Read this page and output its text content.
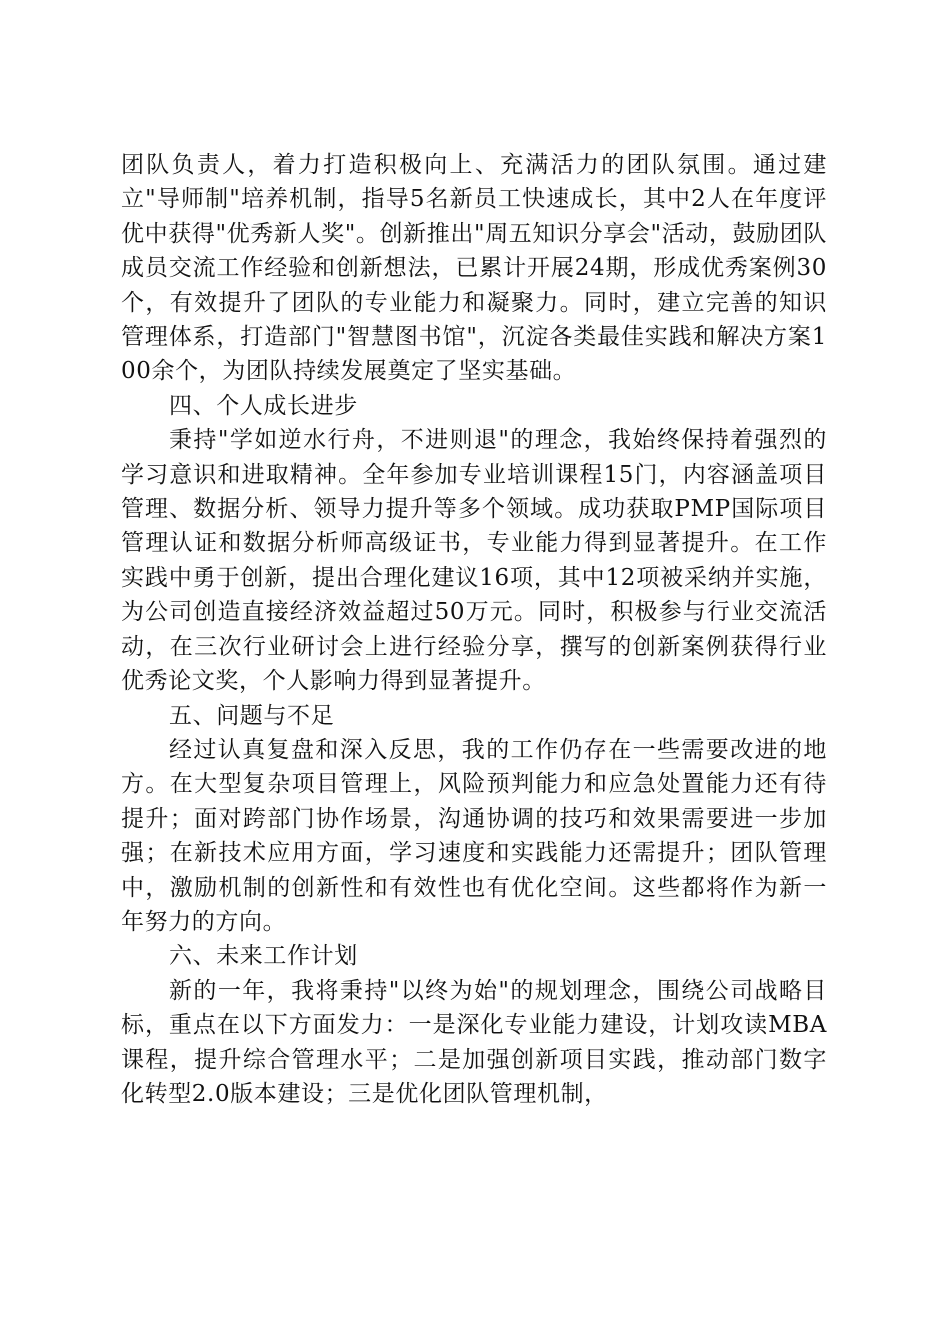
团队负责人，着力打造积极向上、充满活力的团队氛围。通过建立"导师制"培养机制，指导5名新员工快速成长，其中2人在年度评优中获得"优秀新人奖"。创新推出"周五知识分享会"活动，鼓励团队成员交流工作经验和创新想法，已累计开展24期，形成优秀案例30个，有效提升了团队的专业能力和凝聚力。同时，建立完善的知识管理体系，打造部门"智慧图书馆"，沉淀各类最佳实践和解决方案100余个，为团队持续发展奠定了坚实基础。

四、个人成长进步

秉持"学如逆水行舟，不进则退"的理念，我始终保持着强烈的学习意识和进取精神。全年参加专业培训课程15门，内容涵盖项目管理、数据分析、领导力提升等多个领域。成功获取PMP国际项目管理认证和数据分析师高级证书，专业能力得到显著提升。在工作实践中勇于创新，提出合理化建议16项，其中12项被采纳并实施，为公司创造直接经济效益超过50万元。同时，积极参与行业交流活动，在三次行业研讨会上进行经验分享，撰写的创新案例获得行业优秀论文奖，个人影响力得到显著提升。

五、问题与不足

经过认真复盘和深入反思，我的工作仍存在一些需要改进的地方。在大型复杂项目管理上，风险预判能力和应急处置能力还有待提升；面对跨部门协作场景，沟通协调的技巧和效果需要进一步加强；在新技术应用方面，学习速度和实践能力还需提升；团队管理中，激励机制的创新性和有效性也有优化空间。这些都将作为新一年努力的方向。

六、未来工作计划

新的一年，我将秉持"以终为始"的规划理念，围绕公司战略目标，重点在以下方面发力：一是深化专业能力建设，计划攻读MBA课程，提升综合管理水平；二是加强创新项目实践，推动部门数字化转型2.0版本建设；三是优化团队管理机制，
